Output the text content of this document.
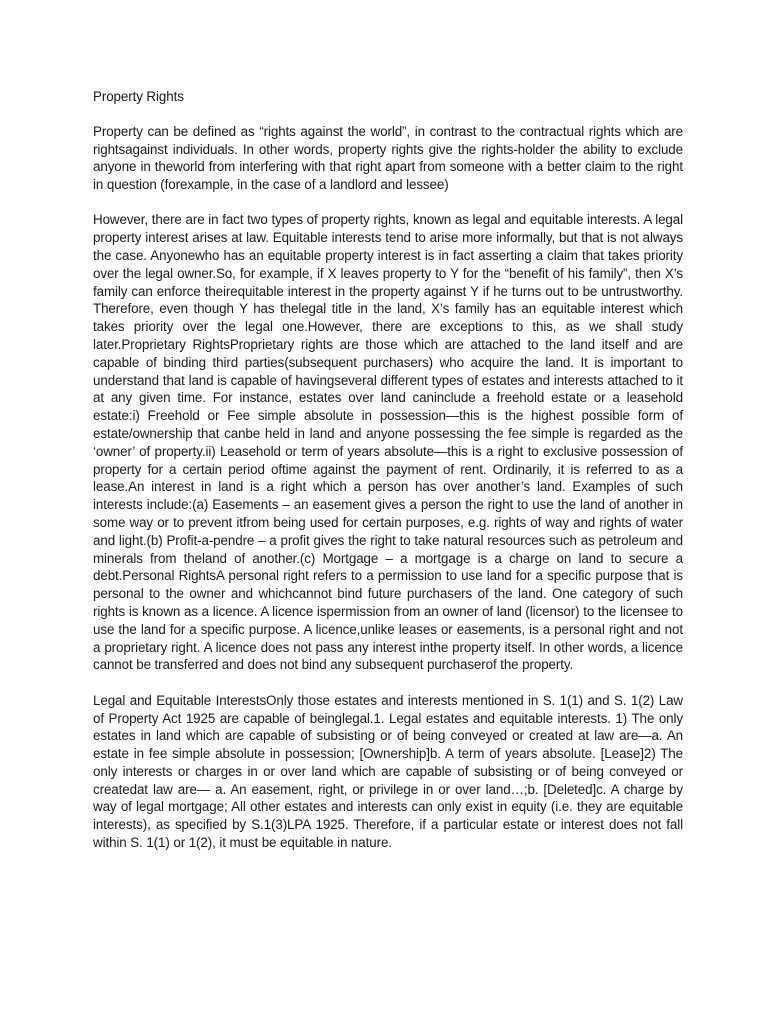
Property Rights

Property can be defined as “rights against the world”, in contrast to the contractual rights which are rightsagainst individuals. In other words, property rights give the rights-holder the ability to exclude anyone in theworld from interfering with that right apart from someone with a better claim to the right in question (forexample, in the case of a landlord and lessee)

However, there are in fact two types of property rights, known as legal and equitable interests. A legal property interest arises at law. Equitable interests tend to arise more informally, but that is not always the case. Anyonewho has an equitable property interest is in fact asserting a claim that takes priority over the legal owner.So, for example, if X leaves property to Y for the “benefit of his family”, then X’s family can enforce theirequitable interest in the property against Y if he turns out to be untrustworthy. Therefore, even though Y has thelegal title in the land, X’s family has an equitable interest which takes priority over the legal one.However, there are exceptions to this, as we shall study later.Proprietary RightsProprietary rights are those which are attached to the land itself and are capable of binding third parties(subsequent purchasers) who acquire the land. It is important to understand that land is capable of havingseveral different types of estates and interests attached to it at any given time. For instance, estates over land caninclude a freehold estate or a leasehold estate:i) Freehold or Fee simple absolute in possession—this is the highest possible form of estate/ownership that canbe held in land and anyone possessing the fee simple is regarded as the ‘owner’ of property.ii) Leasehold or term of years absolute—this is a right to exclusive possession of property for a certain period oftime against the payment of rent. Ordinarily, it is referred to as a lease.An interest in land is a right which a person has over another’s land. Examples of such interests include:(a) Easements – an easement gives a person the right to use the land of another in some way or to prevent itfrom being used for certain purposes, e.g. rights of way and rights of water and light.(b) Profit-a-pendre – a profit gives the right to take natural resources such as petroleum and minerals from theland of another.(c) Mortgage – a mortgage is a charge on land to secure a debt.Personal RightsA personal right refers to a permission to use land for a specific purpose that is personal to the owner and whichcannot bind future purchasers of the land. One category of such rights is known as a licence. A licence ispermission from an owner of land (licensor) to the licensee to use the land for a specific purpose. A licence,unlike leases or easements, is a personal right and not a proprietary right. A licence does not pass any interest inthe property itself. In other words, a licence cannot be transferred and does not bind any subsequent purchaserof the property.

Legal and Equitable InterestsOnly those estates and interests mentioned in S. 1(1) and S. 1(2) Law of Property Act 1925 are capable of beinglegal.1. Legal estates and equitable interests. 1) The only estates in land which are capable of subsisting or of being conveyed or created at law are—a. An estate in fee simple absolute in possession; [Ownership]b. A term of years absolute. [Lease]2) The only interests or charges in or over land which are capable of subsisting or of being conveyed or createdat law are— a. An easement, right, or privilege in or over land…;b. [Deleted]c. A charge by way of legal mortgage; All other estates and interests can only exist in equity (i.e. they are equitable interests), as specified by S.1(3)LPA 1925. Therefore, if a particular estate or interest does not fall within S. 1(1) or 1(2), it must be equitable in nature.
